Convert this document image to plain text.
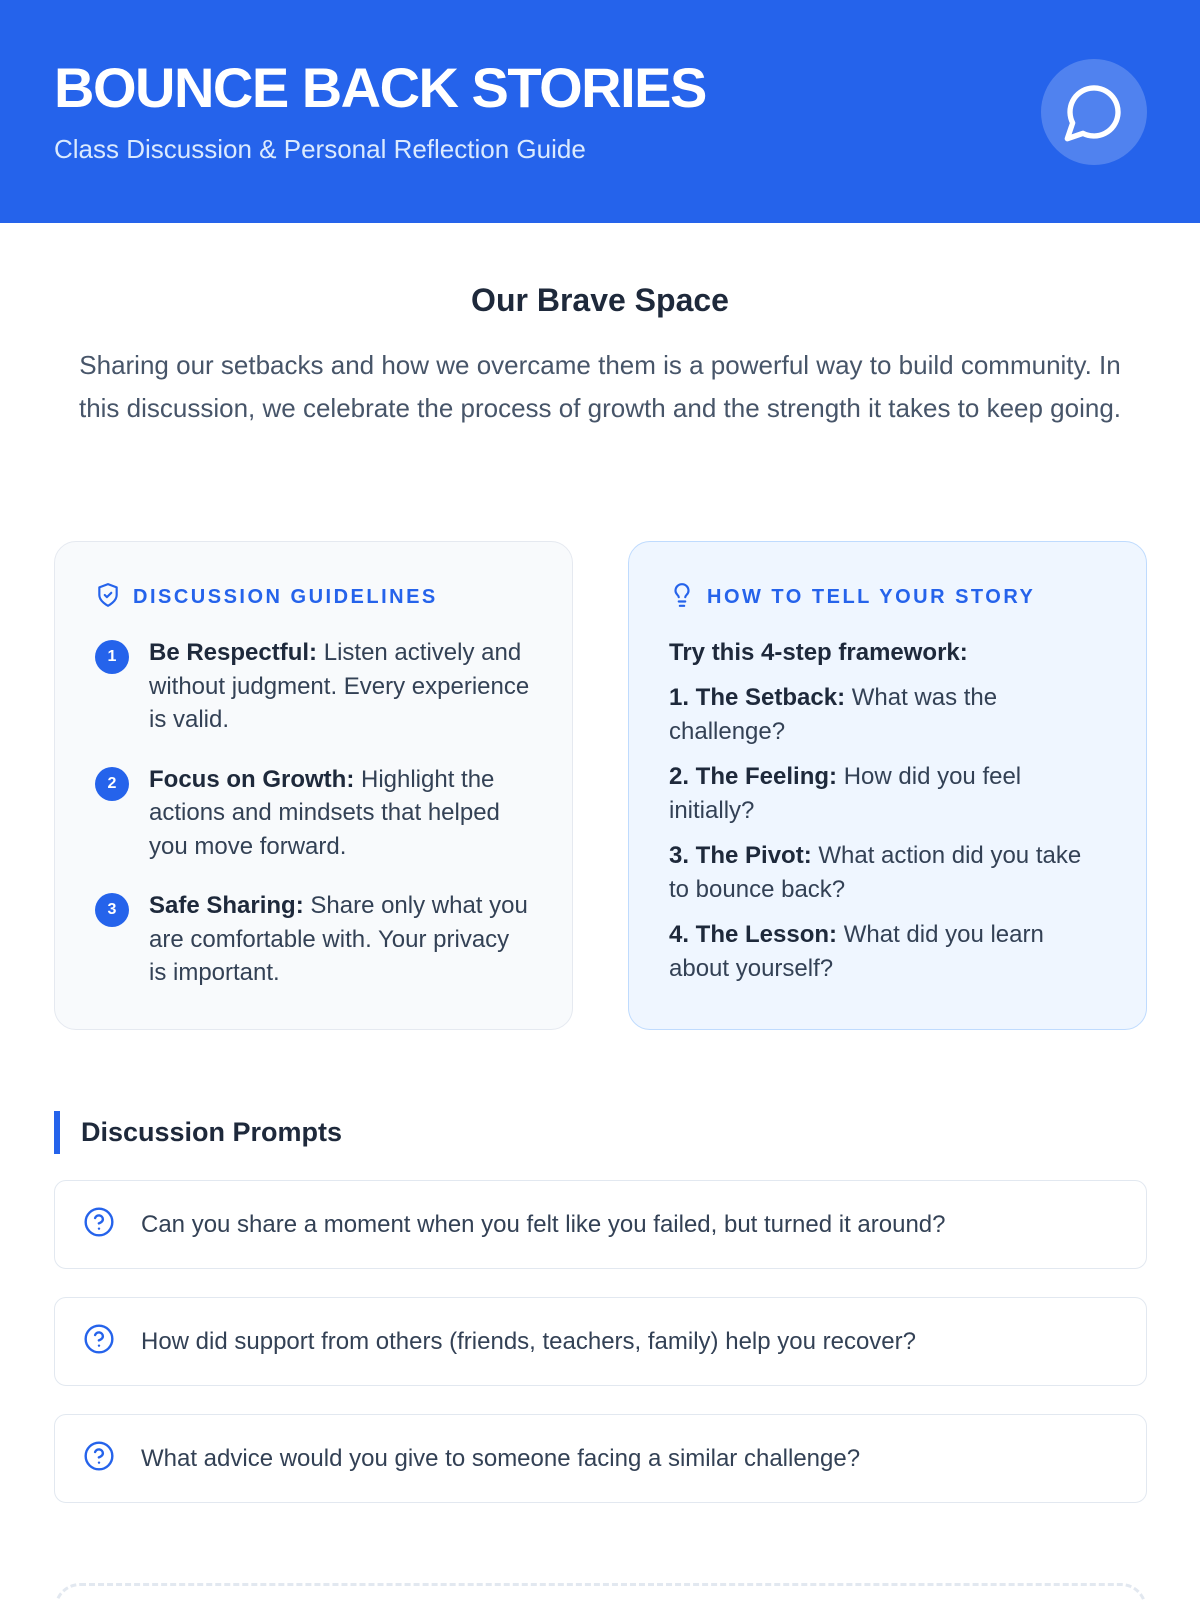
BOUNCE BACK STORIES
Class Discussion & Personal Reflection Guide
Our Brave Space
Sharing our setbacks and how we overcame them is a powerful way to build community. In this discussion, we celebrate the process of growth and the strength it takes to keep going.
DISCUSSION GUIDELINES
1	Be Respectful: Listen actively and without judgment. Every experience is valid.
2	Focus on Growth: Highlight the actions and mindsets that helped you move forward.
3	Safe Sharing: Share only what you are comfortable with. Your privacy is important.
HOW TO TELL YOUR STORY
Try this 4-step framework:
1. The Setback: What was the challenge?
2. The Feeling: How did you feel initially?
3. The Pivot: What action did you take to bounce back?
4. The Lesson: What did you learn about yourself?
Discussion Prompts
Can you share a moment when you felt like you failed, but turned it around?
How did support from others (friends, teachers, family) help you recover?
What advice would you give to someone facing a similar challenge?
